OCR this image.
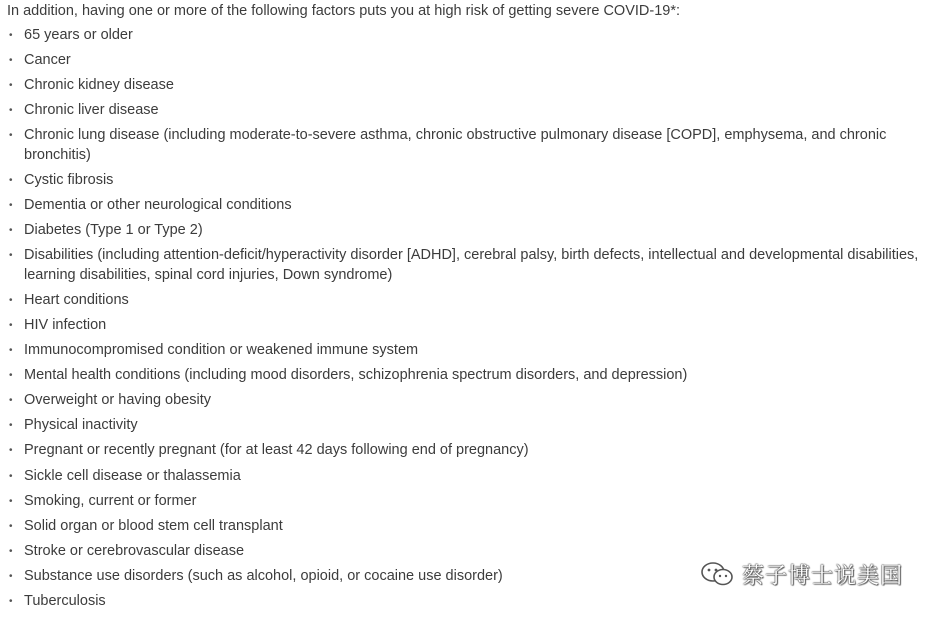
In addition, having one or more of the following factors puts you at high risk of getting severe COVID-19*:
• 65 years or older
• Cancer
• Chronic kidney disease
• Chronic liver disease
• Chronic lung disease (including moderate-to-severe asthma, chronic obstructive pulmonary disease [COPD], emphysema, and chronic bronchitis)
• Cystic fibrosis
• Dementia or other neurological conditions
• Diabetes (Type 1 or Type 2)
• Disabilities (including attention-deficit/hyperactivity disorder [ADHD], cerebral palsy, birth defects, intellectual and developmental disabilities, learning disabilities, spinal cord injuries, Down syndrome)
• Heart conditions
• HIV infection
• Immunocompromised condition or weakened immune system
• Mental health conditions (including mood disorders, schizophrenia spectrum disorders, and depression)
• Overweight or having obesity
• Physical inactivity
• Pregnant or recently pregnant (for at least 42 days following end of pregnancy)
• Sickle cell disease or thalassemia
• Smoking, current or former
• Solid organ or blood stem cell transplant
• Stroke or cerebrovascular disease
• Substance use disorders (such as alcohol, opioid, or cocaine use disorder)
• Tuberculosis
蔡子博士说美国
